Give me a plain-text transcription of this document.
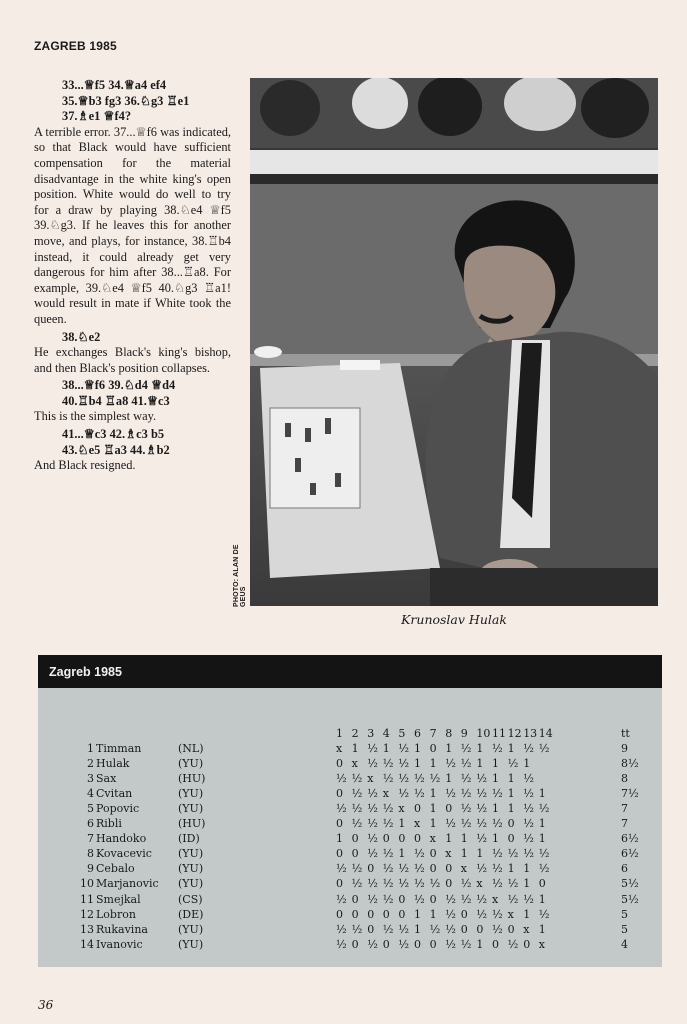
ZAGREB 1985

33...♕f5 34.♕a4 ef4

35.♕b3 fg3 36.♘g3 ♖e1

37.♗e1 ♕f4?

A terrible error. 37...♕f6 was indicated, so that Black would have sufficient compensation for the material disadvantage in the white king's open position. White would do well to try for a draw by playing 38.♘e4 ♕f5 39.♘g3. If he leaves this for another move, and plays, for instance, 38.♖b4 instead, it could already get very dangerous for him after 38...♖a8. For example, 39.♘e4 ♕f5 40.♘g3 ♖a1! would result in mate if White took the queen.

38.♘e2

He exchanges Black's king's bishop, and then Black's position collapses.

38...♕f6 39.♘d4 ♕d4

40.♖b4 ♖a8 41.♕c3

This is the simplest way.

41...♕c3 42.♗c3 b5

43.♘e5 ♖a3 44.♗b2

And Black resigned.

PHOTO: ALAN DE GEUS
Krunoslav Hulak
Zagreb 1985
1 2 3 4 5 6 7 8 9 10 11 12 13 14	tt
1 Timman	(NL)	x 1 ½ 1 ½ 1 0 1 ½ 1 ½ 1 ½ ½	9
2 Hulak	(YU)	0 x ½ ½ ½ 1 1 ½ ½ 1 1 ½ 1	8½
3 Sax	(HU)	½ ½ x ½ ½ ½ ½ 1 ½ ½ 1 1 ½	8
4 Cvitan	(YU)	0 ½ ½ x ½ ½ 1 ½ ½ ½ ½ 1 ½ 1	7½
5 Popovic	(YU)	½ ½ ½ ½ x 0 1 0 ½ ½ 1 1 ½ ½	7
6 Ribli	(HU)	0 ½ ½ ½ 1 x 1 ½ ½ ½ ½ 0 ½ 1	7
7 Handoko	(ID)	1 0 ½ 0 0 0 x 1 1 ½ 1 0 ½ 1	6½
8 Kovacevic (YU)	0 0 ½ ½ 1 ½ 0 x 1 1 ½ ½ ½ ½	6½
9 Cebalo	(YU)	½ ½ 0 ½ ½ ½ 0 0 x ½ ½ 1 1 ½	6
10 Marjanovic (YU)	0 ½ ½ ½ ½ ½ ½ 0 ½ x ½ ½ 1 0	5½
11 Smejkal	(CS)	½ 0 ½ ½ 0 ½ 0 ½ ½ ½ x ½ ½ 1	5½
12 Lobron	(DE)	0 0 0 0 0 1 1 ½ 0 ½ ½ x 1 ½	5
13 Rukavina	(YU)	½ ½ 0 ½ ½ 1 ½ ½ 0 0 ½ 0 x 1	5
14 Ivanovic	(YU)	½ 0 ½ 0 ½ 0 0 ½ ½ 1 0 ½ 0 x	4
36
